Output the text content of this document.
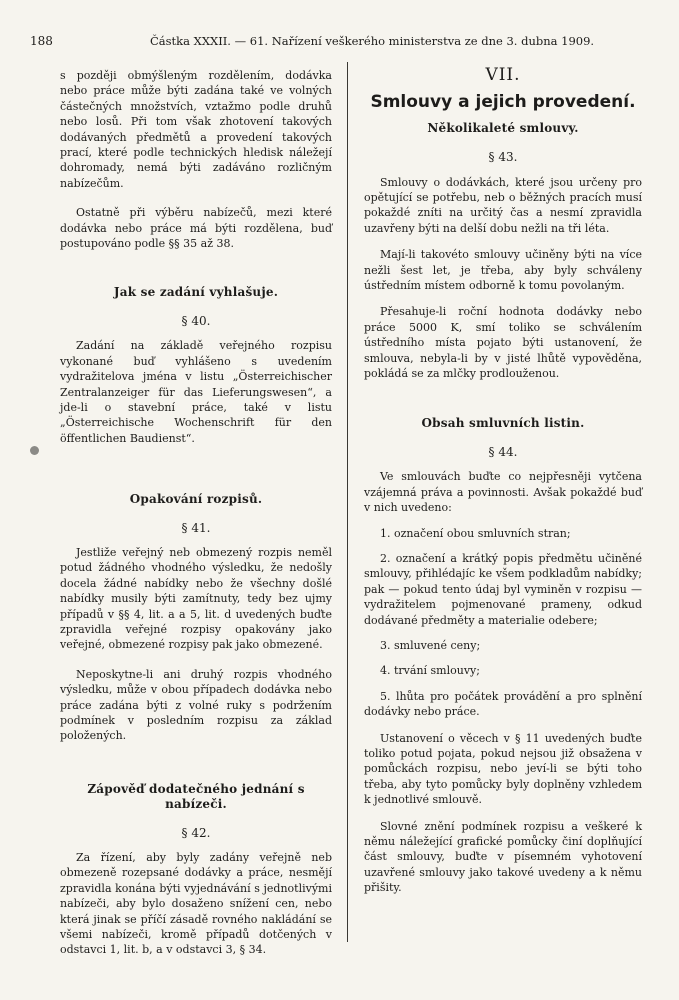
188	Částka XXXII. — 61. Nařízení veškerého ministerstva ze dne 3. dubna 1909.

s později obmýšleným rozdělením, dodávka nebo práce může býti zadána také ve volných částečných množstvích, vztažmo podle druhů nebo losů. Při tom však zhotovení takových dodávaných předmětů a provedení takových prací, které podle technických hledisk náležejí dohromady, nemá býti zadáváno rozličným nabízečům.

Ostatně při výběru nabízečů, mezi které dodávka nebo práce má býti rozdělena, buď postupováno podle §§ 35 až 38.

Jak se zadání vyhlašuje.
§ 40.

Zadání na základě veřejného rozpisu vykonané buď vyhlášeno s uvedením vydražitelova jména v listu „Österreichischer Zentralanzeiger für das Lieferungswesen“, a jde-li o stavební práce, také v listu „Österreichische Wochenschrift für den öffentlichen Baudienst“.

Opakování rozpisů.
§ 41.

Jestliže veřejný neb obmezený rozpis neměl potud žádného vhodného výsledku, že nedošly docela žádné nabídky nebo že všechny došlé nabídky musily býti zamítnuty, tedy bez ujmy případů v §§ 4, lit. a a 5, lit. d uvedených buďte zpravidla veřejné rozpisy opakovány jako veřejné, obmezené rozpisy pak jako obmezené.

Neposkytne-li ani druhý rozpis vhodného výsledku, může v obou případech dodávka nebo práce zadána býti z volné ruky s podržením podmínek v posledním rozpisu za základ položených.

Zápověď dodatečného jednání s nabízeči.
§ 42.

Za řízení, aby byly zadány veřejně neb obmezeně rozepsané dodávky a práce, nesmějí zpravidla konána býti vyjednávání s jednotlivými nabízeči, aby bylo dosaženo snížení cen, nebo která jinak se příčí zásadě rovného nakládání se všemi nabízeči, kromě případů dotčených v odstavci 1, lit. b, a v odstavci 3, § 34.

VII.
Smlouvy a jejich provedení.
Několikaleté smlouvy.
§ 43.

Smlouvy o dodávkách, které jsou určeny pro opětující se potřebu, neb o běžných pracích musí pokaždé zníti na určitý čas a nesmí zpravidla uzavřeny býti na delší dobu nežli na tři léta.

Mají-li takovéto smlouvy učiněny býti na více nežli šest let, je třeba, aby byly schváleny ústředním místem odborně k tomu povolaným.

Přesahuje-li roční hodnota dodávky nebo práce 5000 K, smí toliko se schválením ústředního místa pojato býti ustanovení, že smlouva, nebyla-li by v jisté lhůtě vypověděna, pokládá se za mlčky prodlouženou.

Obsah smluvních listin.
§ 44.

Ve smlouvách buďte co nejpřesněji vytčena vzájemná práva a povinnosti. Avšak pokaždé buď v nich uvedeno:

1. označení obou smluvních stran;

2. označení a krátký popis předmětu učiněné smlouvy, přihlédajíc ke všem podkladům nabídky; pak — pokud tento údaj byl vyminěn v rozpisu — vydražitelem pojmenované prameny, odkud dodávané předměty a materialie odebere;

3. smluvené ceny;

4. trvání smlouvy;

5. lhůta pro počátek provádění a pro splnění dodávky nebo práce.

Ustanovení o věcech v § 11 uvedených buďte toliko potud pojata, pokud nejsou již obsažena v pomůckách rozpisu, nebo jeví-li se býti toho třeba, aby tyto pomůcky byly doplněny vzhledem k jednotlivé smlouvě.

Slovné znění podmínek rozpisu a veškeré k němu náležející grafické pomůcky činí doplňující část smlouvy, buďte v písemném vyhotovení uzavřené smlouvy jako takové uvedeny a k němu přišity.
